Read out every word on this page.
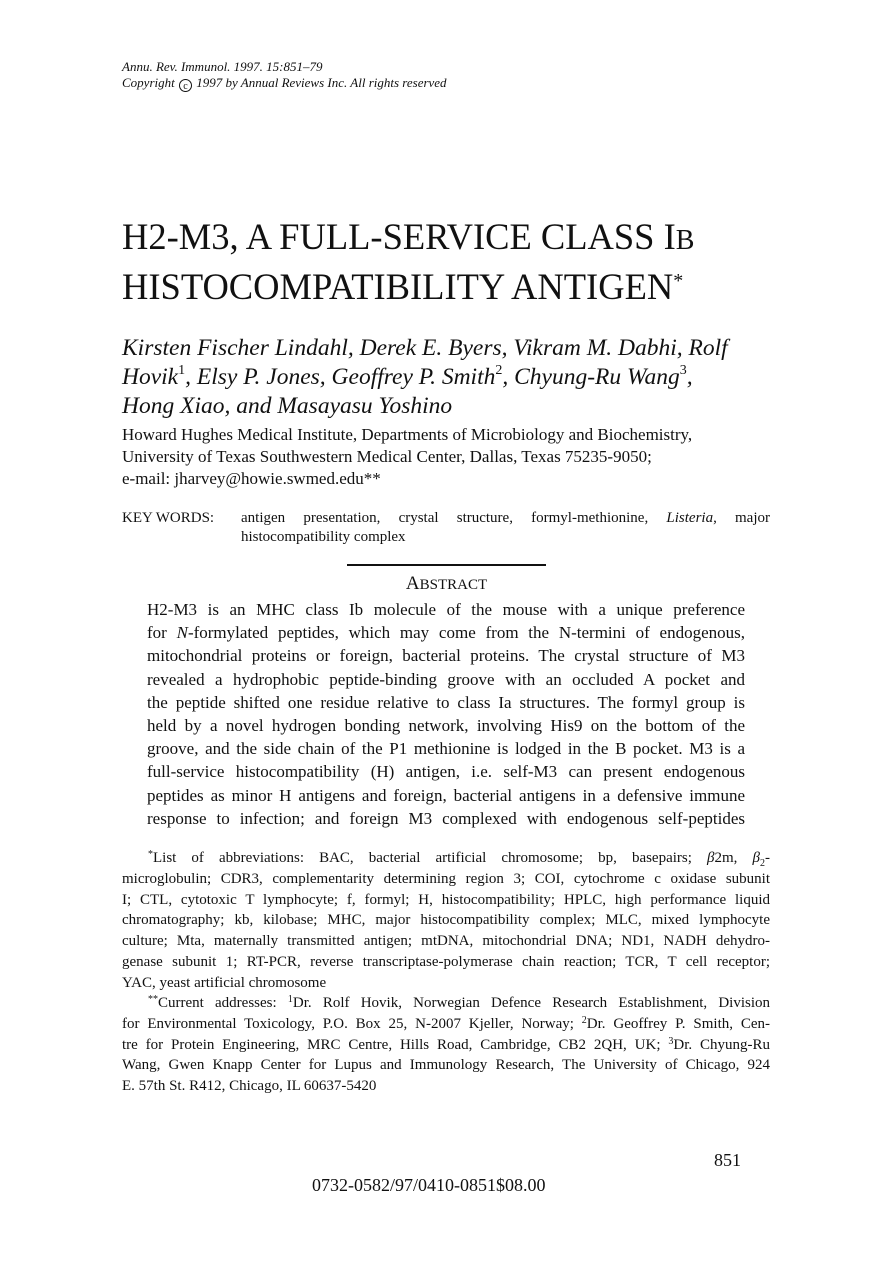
Annu. Rev. Immunol. 1997. 15:851–79
Copyright c 1997 by Annual Reviews Inc. All rights reserved
H2-M3, A FULL-SERVICE CLASS IB
HISTOCOMPATIBILITY ANTIGEN*
Kirsten Fischer Lindahl, Derek E. Byers, Vikram M. Dabhi, Rolf Hovik$^1$, Elsy P. Jones, Geoffrey P. Smith$^2$, Chyung-Ru Wang$^3$,
Hong Xiao, and Masayasu Yoshino
Howard Hughes Medical Institute, Departments of Microbiology and Biochemistry,
University of Texas Southwestern Medical Center, Dallas, Texas 75235-9050;
e-mail: jharvey@howie.swmed.edu**
KEY WORDS: antigen presentation, crystal structure, formyl-methionine, Listeria, major histocompatibility complex
ABSTRACT
H2-M3 is an MHC class Ib molecule of the mouse with a unique preference
for N-formylated peptides, which may come from the N-termini of endogenous,
mitochondrial proteins or foreign, bacterial proteins. The crystal structure of M3
revealed a hydrophobic peptide-binding groove with an occluded A pocket and
the peptide shifted one residue relative to class Ia structures. The formyl group is
held by a novel hydrogen bonding network, involving His9 on the bottom of the
groove, and the side chain of the P1 methionine is lodged in the B pocket. M3 is a
full-service histocompatibility (H) antigen, i.e. self-M3 can present endogenous
peptides as minor H antigens and foreign, bacterial antigens in a defensive immune
response to infection; and foreign M3 complexed with endogenous self-peptides
*List of abbreviations: BAC, bacterial artificial chromosome; bp, basepairs; β2m, $\beta_2-$
microglobulin; CDR3, complementarity determining region 3; COI, cytochrome c oxidase subunit
I; CTL, cytotoxic T lymphocyte; f, formyl; H, histocompatibility; HPLC, high performance liquid
chromatography; kb, kilobase; MHC, major histocompatibility complex; MLC, mixed lymphocyte
culture; Mta, maternally transmitted antigen; mtDNA, mitochondrial DNA; ND1, NADH dehydro-
genase subunit 1; RT-PCR, reverse transcriptase-polymerase chain reaction; TCR, T cell receptor;
YAC, yeast artificial chromosome
**Current addresses: $^1$Dr. Rolf Hovik, Norwegian Defence Research Establishment, Division
for Environmental Toxicology, P.O. Box 25, N-2007 Kjeller, Norway; $^2$Dr. Geoffrey P. Smith, Cen-
tre for Protein Engineering, MRC Centre, Hills Road, Cambridge, CB2 2QH, UK; $^3$Dr. Chyung-Ru
Wang, Gwen Knapp Center for Lupus and Immunology Research, The University of Chicago, 924
E. 57th St. R412, Chicago, IL 60637-5420
851
0732-0582/97/0410-0851$08.00
